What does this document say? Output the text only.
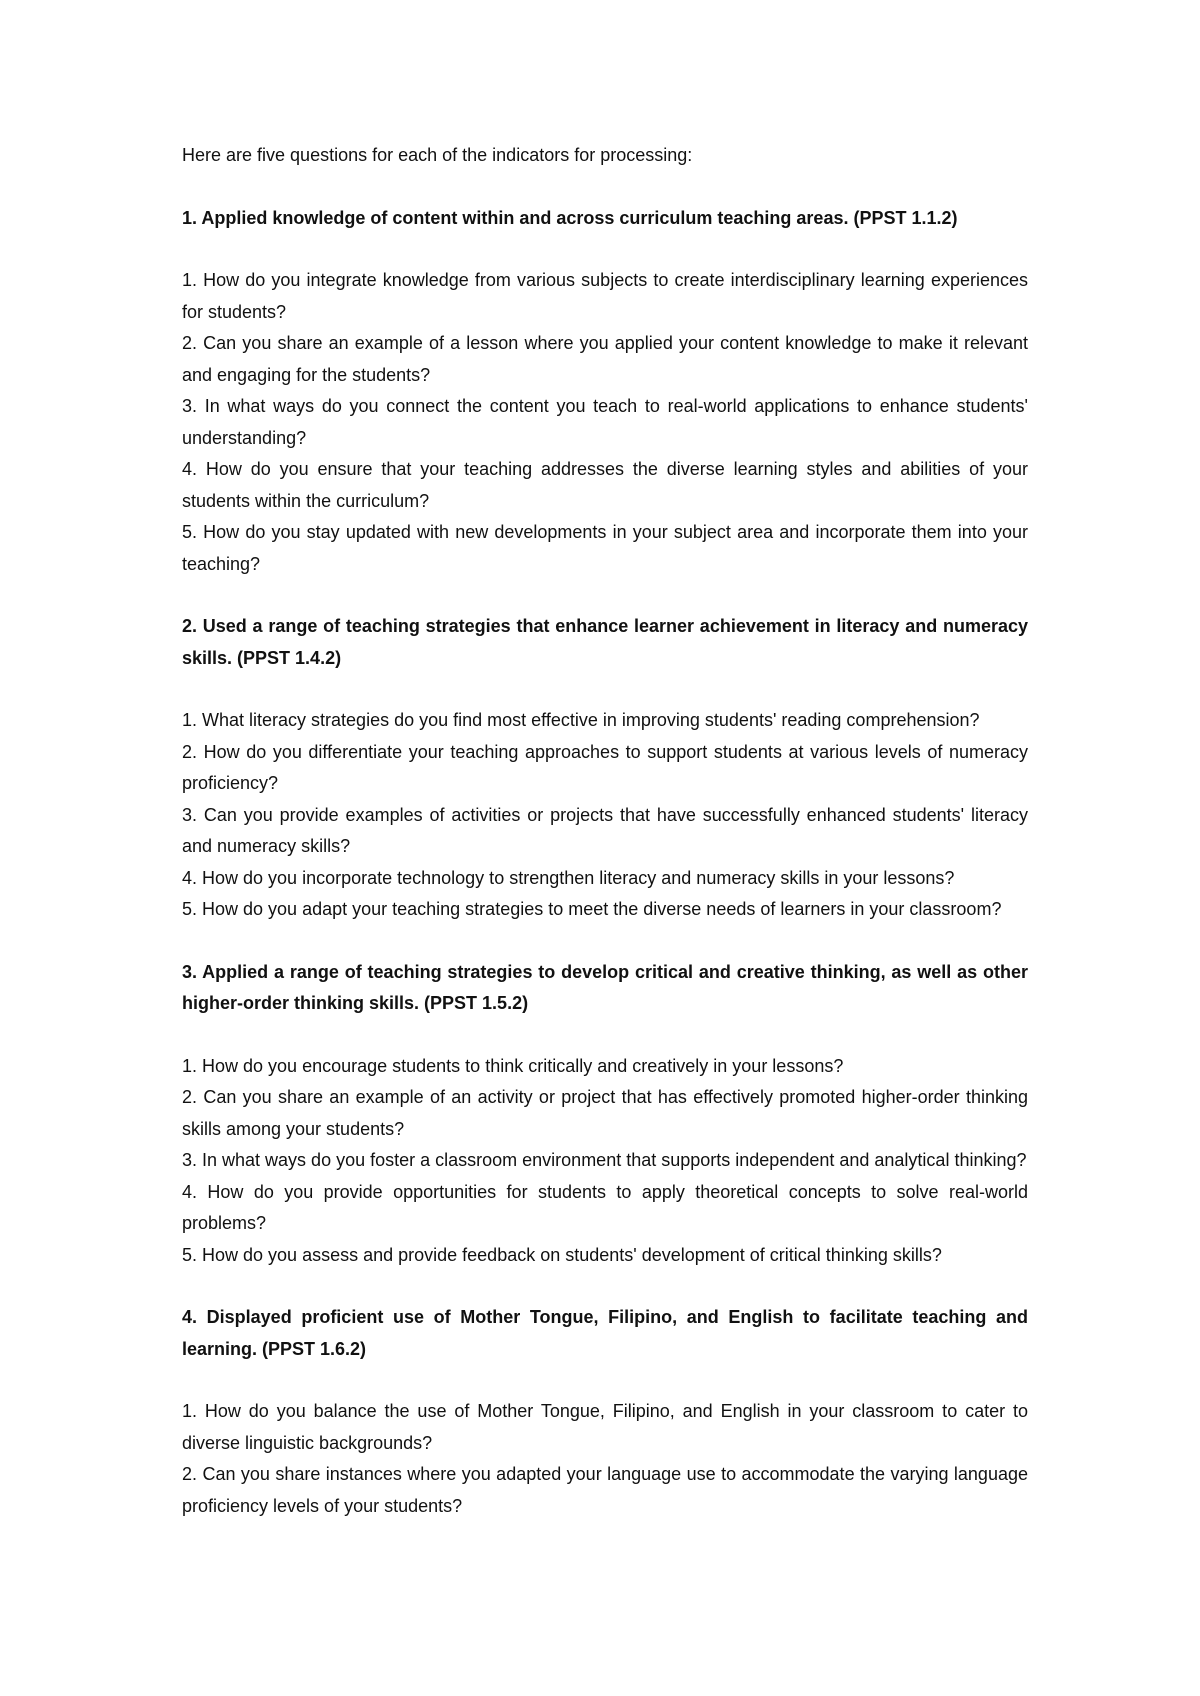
Here are five questions for each of the indicators for processing:

1. Applied knowledge of content within and across curriculum teaching areas. (PPST 1.1.2)

1. How do you integrate knowledge from various subjects to create interdisciplinary learning experiences for students?

2. Can you share an example of a lesson where you applied your content knowledge to make it relevant and engaging for the students?

3. In what ways do you connect the content you teach to real-world applications to enhance students' understanding?

4. How do you ensure that your teaching addresses the diverse learning styles and abilities of your students within the curriculum?

5. How do you stay updated with new developments in your subject area and incorporate them into your teaching?

2. Used a range of teaching strategies that enhance learner achievement in literacy and numeracy skills. (PPST 1.4.2)

1. What literacy strategies do you find most effective in improving students' reading comprehension?

2. How do you differentiate your teaching approaches to support students at various levels of numeracy proficiency?

3. Can you provide examples of activities or projects that have successfully enhanced students' literacy and numeracy skills?

4. How do you incorporate technology to strengthen literacy and numeracy skills in your lessons?

5. How do you adapt your teaching strategies to meet the diverse needs of learners in your classroom?

3. Applied a range of teaching strategies to develop critical and creative thinking, as well as other higher-order thinking skills. (PPST 1.5.2)

1. How do you encourage students to think critically and creatively in your lessons?

2. Can you share an example of an activity or project that has effectively promoted higher-order thinking skills among your students?

3. In what ways do you foster a classroom environment that supports independent and analytical thinking?

4. How do you provide opportunities for students to apply theoretical concepts to solve real-world problems?

5. How do you assess and provide feedback on students' development of critical thinking skills?

4. Displayed proficient use of Mother Tongue, Filipino, and English to facilitate teaching and learning. (PPST 1.6.2)

1. How do you balance the use of Mother Tongue, Filipino, and English in your classroom to cater to diverse linguistic backgrounds?

2. Can you share instances where you adapted your language use to accommodate the varying language proficiency levels of your students?
